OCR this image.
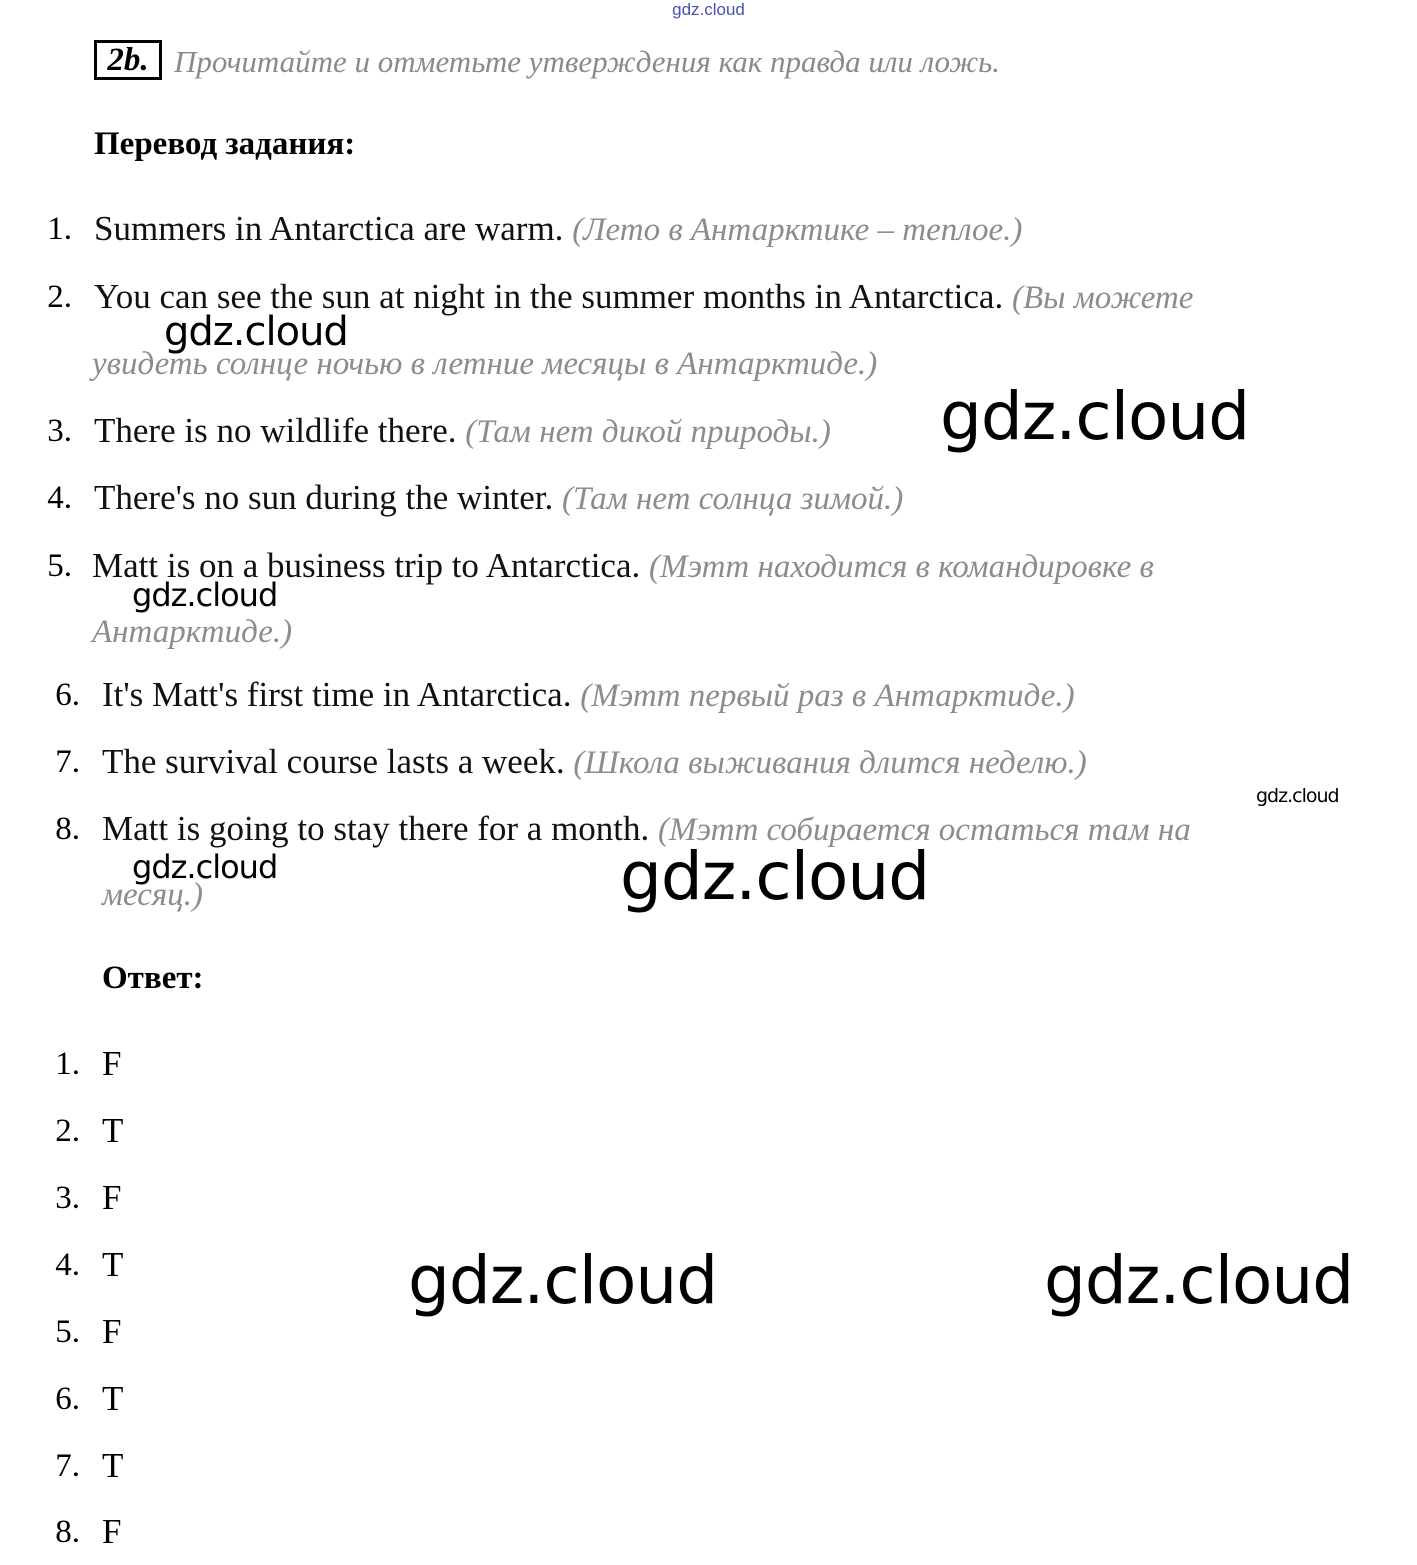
gdz.cloud
2b. Прочитайте и отметьте утверждения как правда или ложь.
Перевод задания:
1. Summers in Antarctica are warm. (Лето в Антарктике – теплое.)
2. You can see the sun at night in the summer months in Antarctica. (Вы можете
увидеть солнце ночью в летние месяцы в Антарктиде.)
3. There is no wildlife there. (Там нет дикой природы.)
4. There's no sun during the winter. (Там нет солнца зимой.)
5. Matt is on a business trip to Antarctica. (Мэтт находится в командировке в
Антарктиде.)
6. It's Matt's first time in Antarctica. (Мэтт первый раз в Антарктиде.)
7. The survival course lasts a week. (Школа выживания длится неделю.)
8. Matt is going to stay there for a month. (Мэтт собирается остаться там на
месяц.)
Ответ:
1. F
2. T
3. F
4. T
5. F
6. T
7. T
8. F
gdz.cloud
gdz.cloud
gdz.cloud
gdz.cloud
gdz.cloud	gdz.cloud
gdz.cloud	gdz.cloud
